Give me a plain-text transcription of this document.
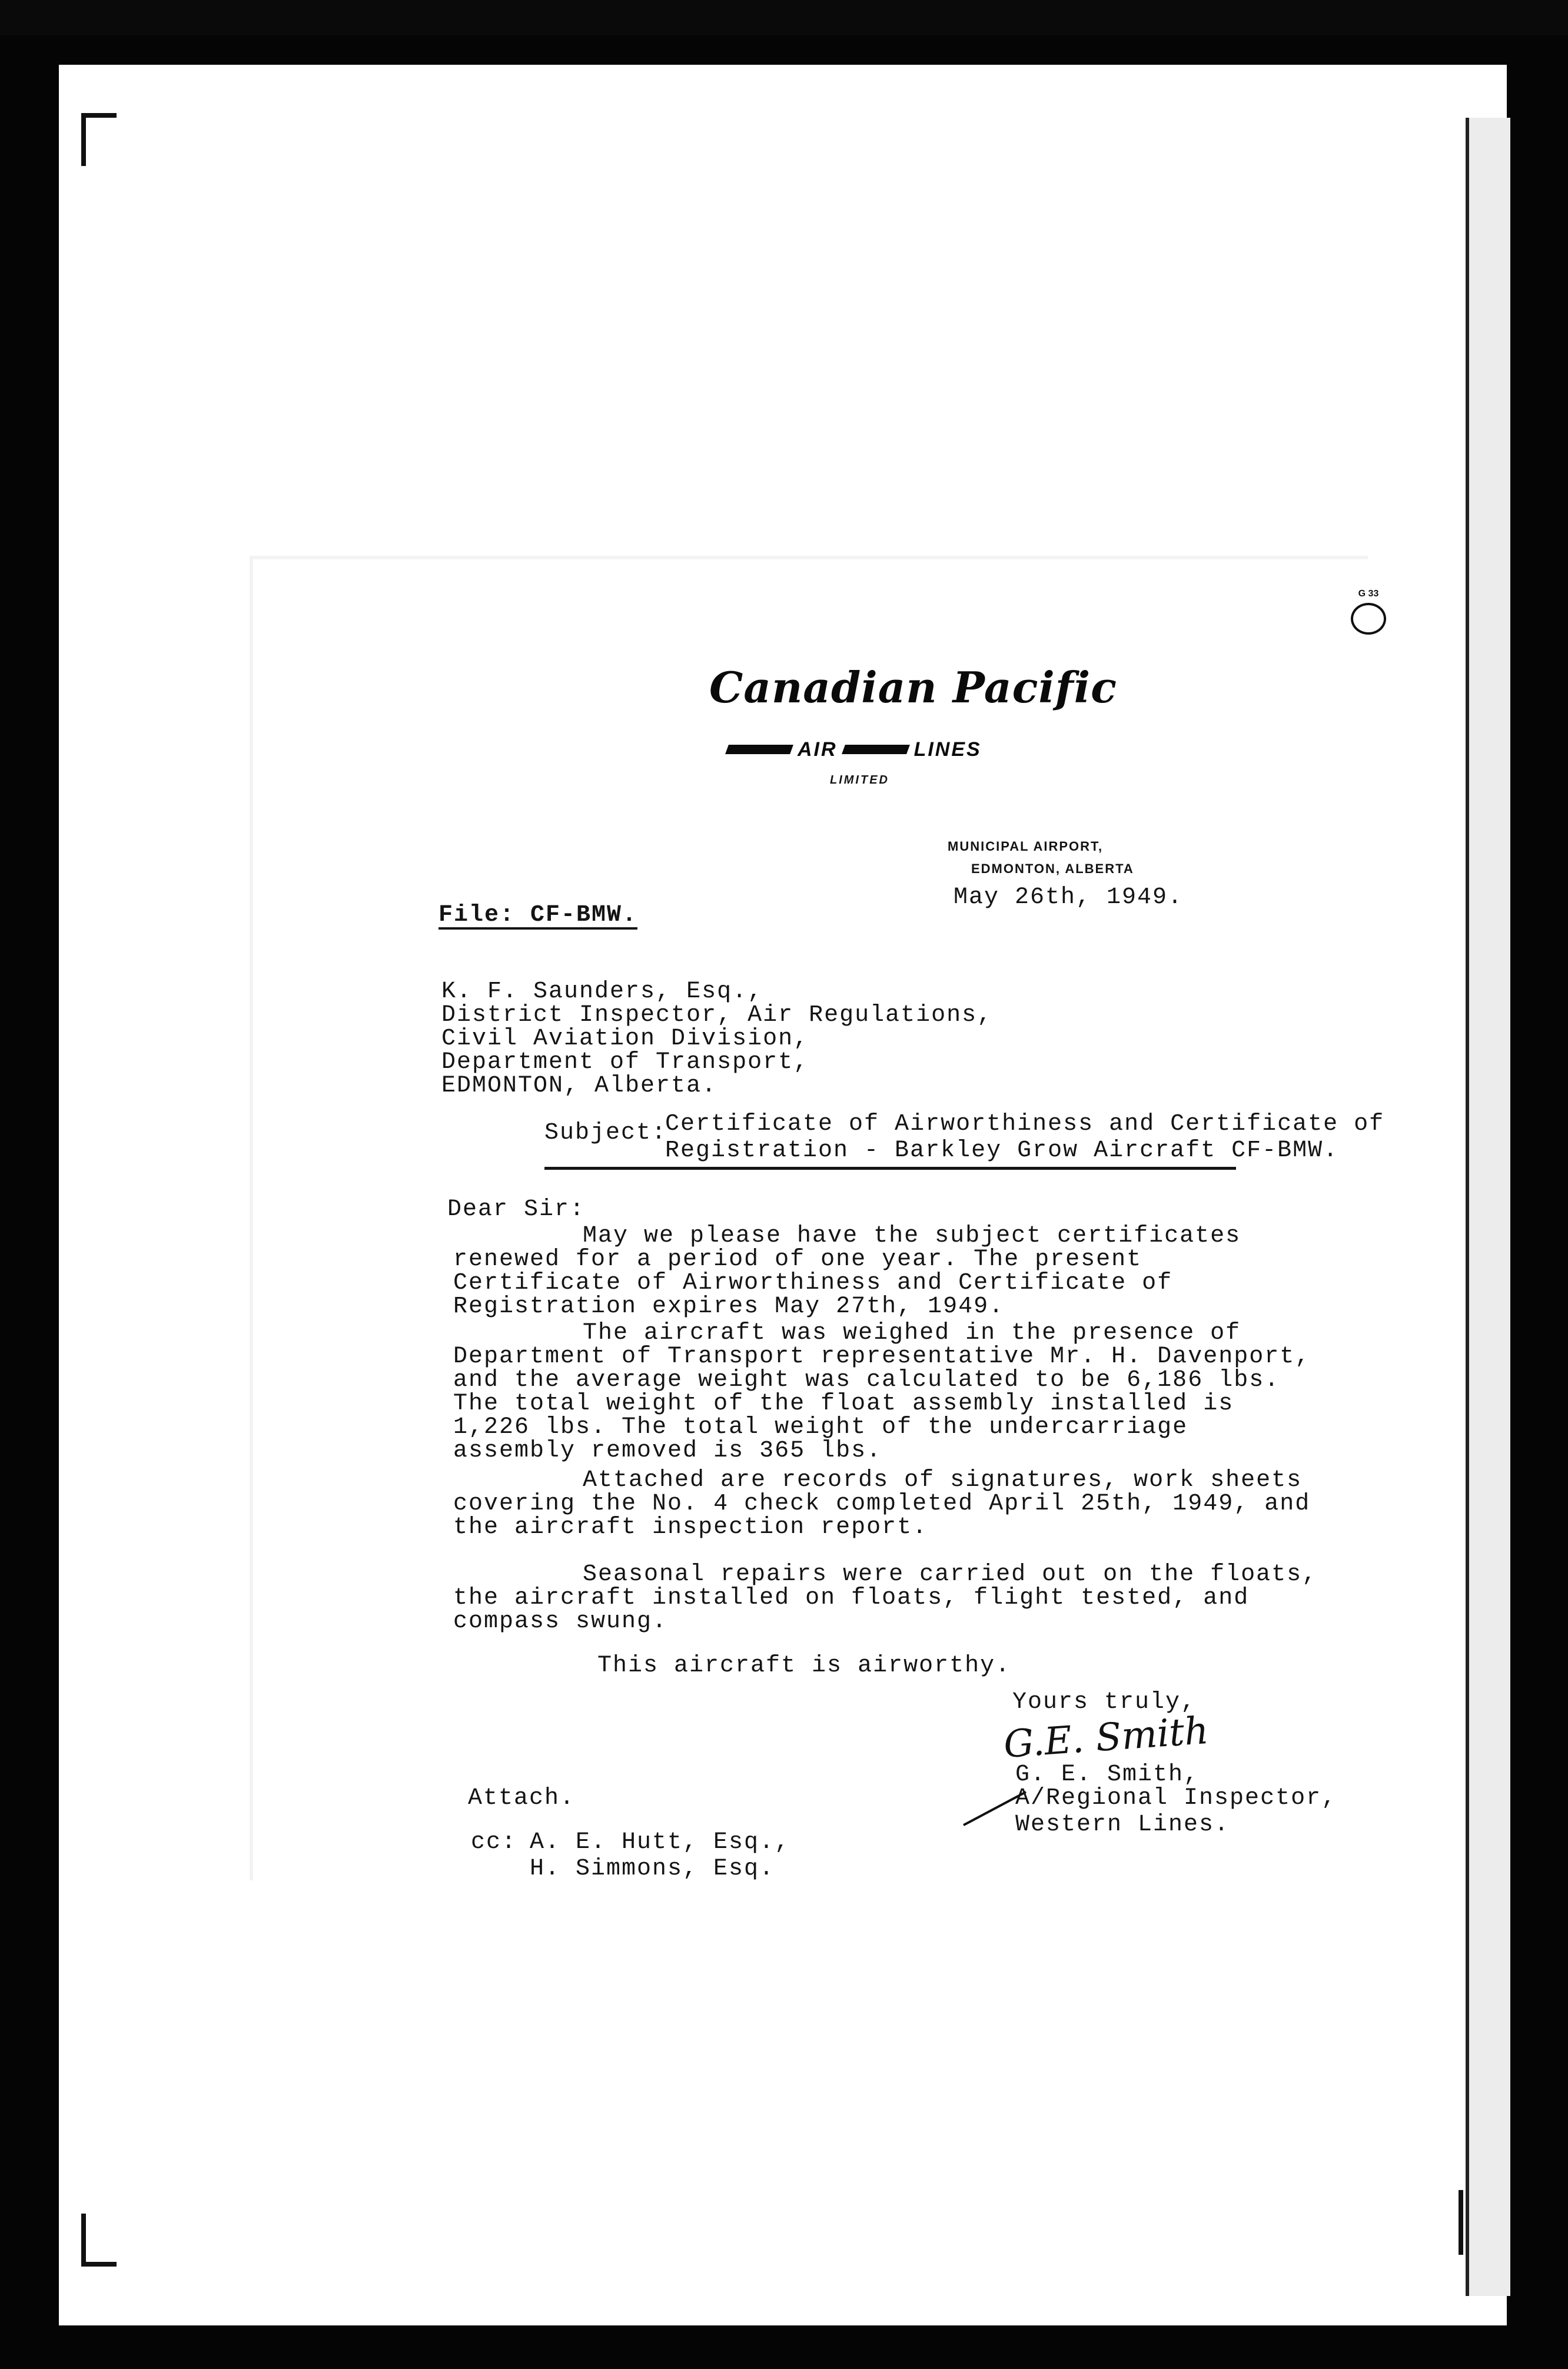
G 33
Canadian Pacific
AIR	LINES
LIMITED
MUNICIPAL AIRPORT,
EDMONTON, ALBERTA
File: CF-BMW.
May 26th, 1949.
K. F. Saunders, Esq.,
District Inspector, Air Regulations,
Civil Aviation Division,
Department of Transport,
EDMONTON, Alberta.
Subject:
Certificate of Airworthiness and Certificate of
Registration - Barkley Grow Aircraft CF-BMW.
Dear Sir:
May we please have the subject certificates renewed for a period of one year. The present Certificate of Airworthiness and Certificate of Registration expires May 27th, 1949.
The aircraft was weighed in the presence of Department of Transport representative Mr. H. Davenport, and the average weight was calculated to be 6,186 lbs. The total weight of the float assembly installed is 1,226 lbs. The total weight of the undercarriage assembly removed is 365 lbs.
Attached are records of signatures, work sheets covering the No. 4 check completed April 25th, 1949, and the aircraft inspection report.
Seasonal repairs were carried out on the floats, the aircraft installed on floats, flight tested, and compass swung.
This aircraft is airworthy.
Yours truly,
G.E. Smith
G. E. Smith,
A/Regional Inspector,
Western Lines.
Attach.
cc: A. E. Hutt, Esq.,
H. Simmons, Esq.
